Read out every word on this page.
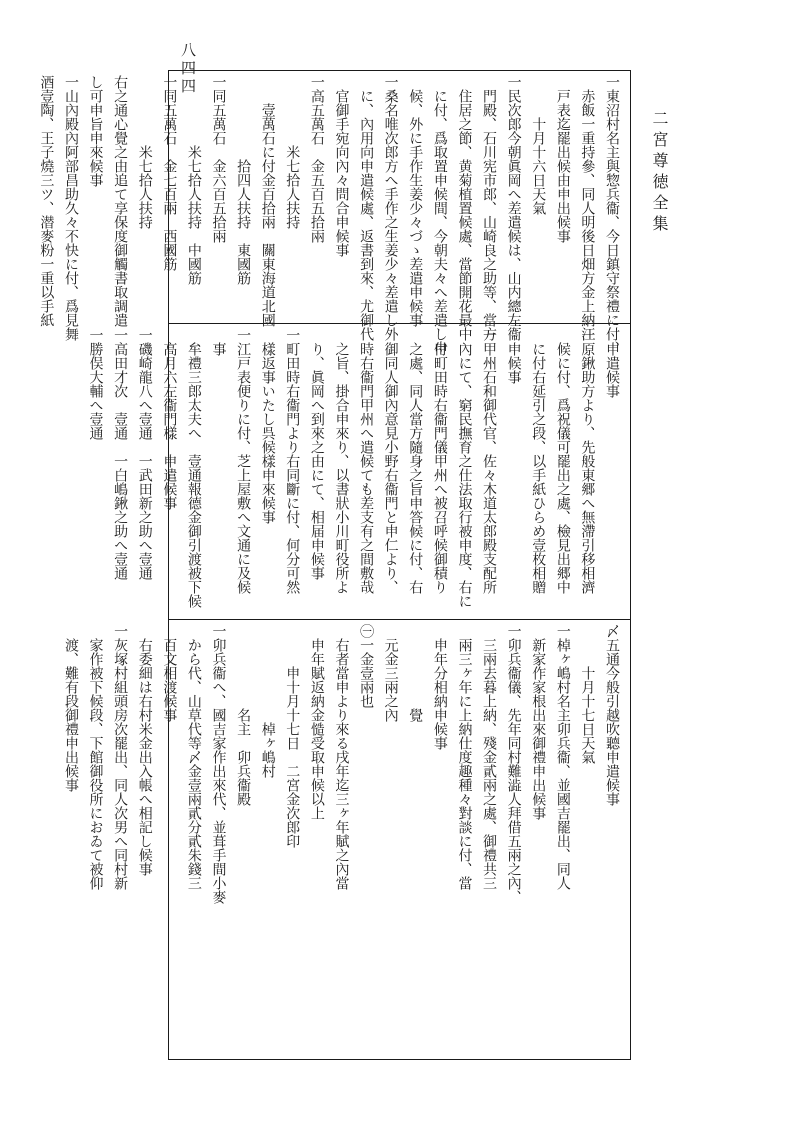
二宮尊徳全集
八四四
一東沼村名主與惣兵衞、今日鎮守祭禮に付、
赤飯一重持參、同人明後日畑方金上納江
戸表迄罷出候由申出候事
十月十六日天氣
一民次郎今朝眞岡へ差遣候は、山内總左衞
門殿、石川宪市郎、山崎良之助等、當方
住居之節、黄菊植置候處、當節開花最中
に付、爲取置申候間、今朝夫々へ差遣し申
候、外に手作生姜少々づゝ差遣申候事
一桑名唯次郎方へ手作之生姜少々差遣し外
に、內用向申遣候處、返書到來、尤御代
官御手宛向內々問合申候事
一高五萬石　金五百五拾兩
米七拾人扶持
壹萬石に付金百拾兩　關東海道北國
拾四人扶持　東國筋
一同五萬石　金六百五拾兩
米七拾人扶持　中國筋
一同五萬石　金七百兩　西國筋
米七拾人扶持
右之通心覺之由追て享保度御觸書取調遣
し可申旨申來候事
一山內殿內阿部昌助久々不快に付、爲見舞
酒壹陶、王子燒三ツ、潜麥粉一重以手紙
申遣候事
一原鍬助方より、先般東郷へ無滯引移相濟
候に付、爲祝儀可罷出之處、檢見出郷中
に付右延引之段、以手紙ひらめ壹枚相贈
申候事
一甲州石和御代官、佐々木道太郎殿支配所
內にて、窮民撫育之仕法取行被申度、右に
付町田時右衞門儀甲州へ被召呼候御積り
之處、同人當方隨身之旨申答候に付、右
御同人御內意見小野右衞門と申仁より、
時右衞門甲州へ遣候ても差支有之間敷哉
之旨、掛合申來り、以書狀小川町役所よ
り、眞岡へ到來之由にて、相届申候事
一町田時右衞門より右同斷に付、何分可然
樣返事いたし呉候樣申來候事
一江戸表便りに付、芝上屋敷へ文通に及候
事
牟禮三郎太夫へ　壹通報德金御引渡被下候
高月六左衞門樣　申遣候事
一磯崎龍八へ壹通　一武田新之助へ壹通
一高田才次　壹通　一白嶋鍬之助へ壹通
一勝俣大輔へ壹通
〆五通今般引越吹聽申遣候事
十月十七日天氣
一棹ヶ嶋村名主卯兵衞、並國吉罷出、同人
新家作家根出來御禮申出候事
一卯兵衞儀、先年同村難澁人拜借五兩之內、
三兩去暮上納、殘金貳兩之處、御禮共三
兩三ヶ年に上納仕度趣種々對談に付、當
申年分相納申候事
覺
元金三兩之內
㊀一金壹兩也
右者當申より來る戌年迄三ヶ年賦之內當
申年賦返納金慥受取申候以上
申十月十七日　二宮金次郎印
棹ヶ嶋村
名主　卯兵衞殿
一卯兵衞へ、國吉家作出來代、並葺手間小麥
から代、山草代等〆金壹兩貳分貳朱錢三
百文相渡候事
右委細は右村米金出入帳へ相記し候事
一灰塚村組頭房次罷出、同人次男へ同村新
家作被下候段、下館御役所におゐて被仰
渡、難有段御禮申出候事
